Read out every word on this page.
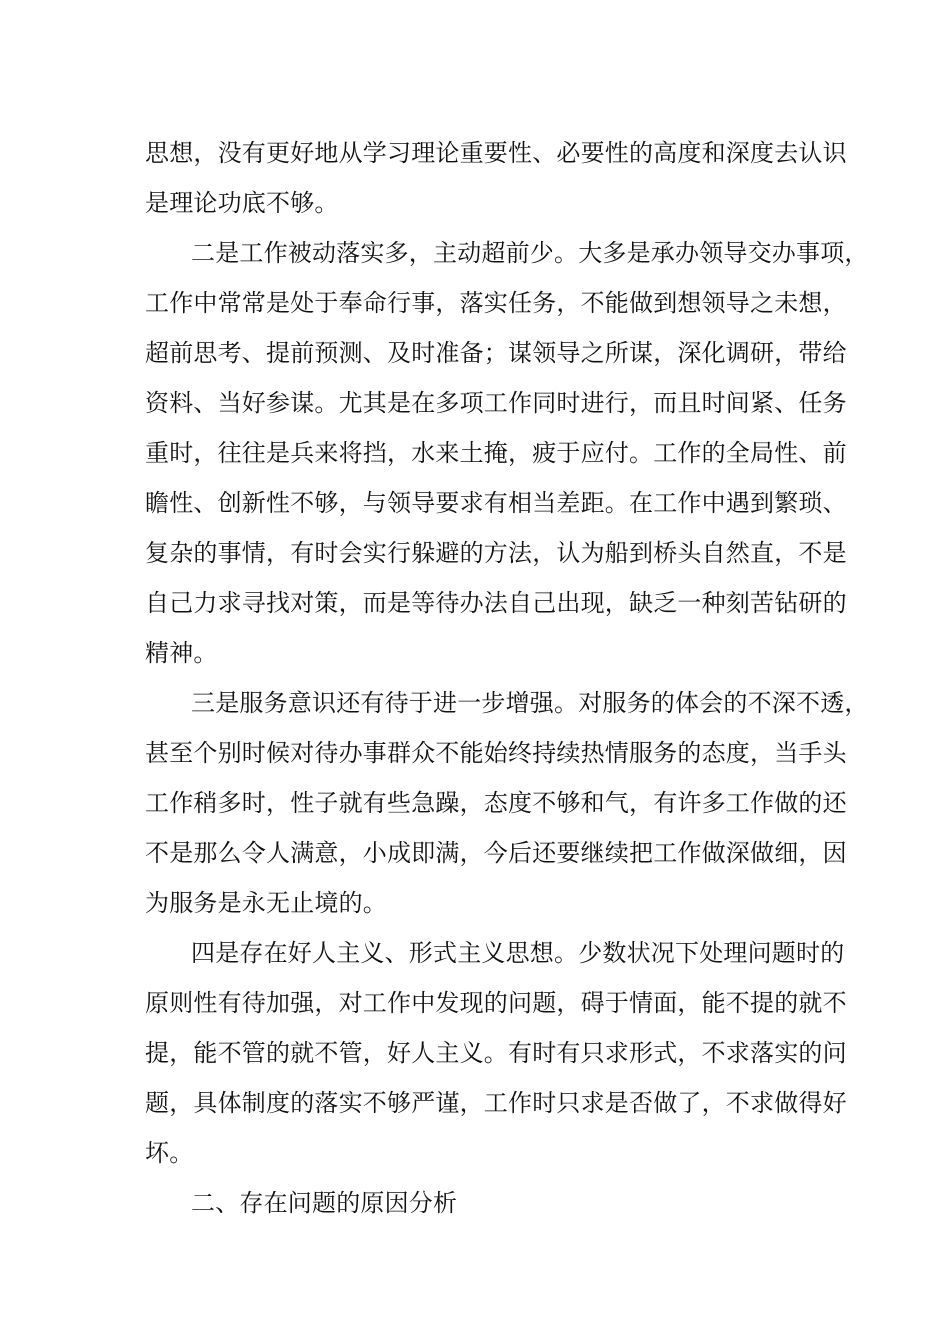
思想，没有更好地从学习理论重要性、必要性的高度和深度去认识
是理论功底不够。
二是工作被动落实多，主动超前少。大多是承办领导交办事项，
工作中常常是处于奉命行事，落实任务，不能做到想领导之未想，
超前思考、提前预测、及时准备；谋领导之所谋，深化调研，带给
资料、当好参谋。尤其是在多项工作同时进行，而且时间紧、任务
重时，往往是兵来将挡，水来土掩，疲于应付。工作的全局性、前
瞻性、创新性不够，与领导要求有相当差距。在工作中遇到繁琐、
复杂的事情，有时会实行躲避的方法，认为船到桥头自然直，不是
自己力求寻找对策，而是等待办法自己出现，缺乏一种刻苦钻研的
精神。
三是服务意识还有待于进一步增强。对服务的体会的不深不透，
甚至个别时候对待办事群众不能始终持续热情服务的态度，当手头
工作稍多时，性子就有些急躁，态度不够和气，有许多工作做的还
不是那么令人满意，小成即满，今后还要继续把工作做深做细，因
为服务是永无止境的。
四是存在好人主义、形式主义思想。少数状况下处理问题时的
原则性有待加强，对工作中发现的问题，碍于情面，能不提的就不
提，能不管的就不管，好人主义。有时有只求形式，不求落实的问
题，具体制度的落实不够严谨，工作时只求是否做了，不求做得好
坏。
二、存在问题的原因分析
